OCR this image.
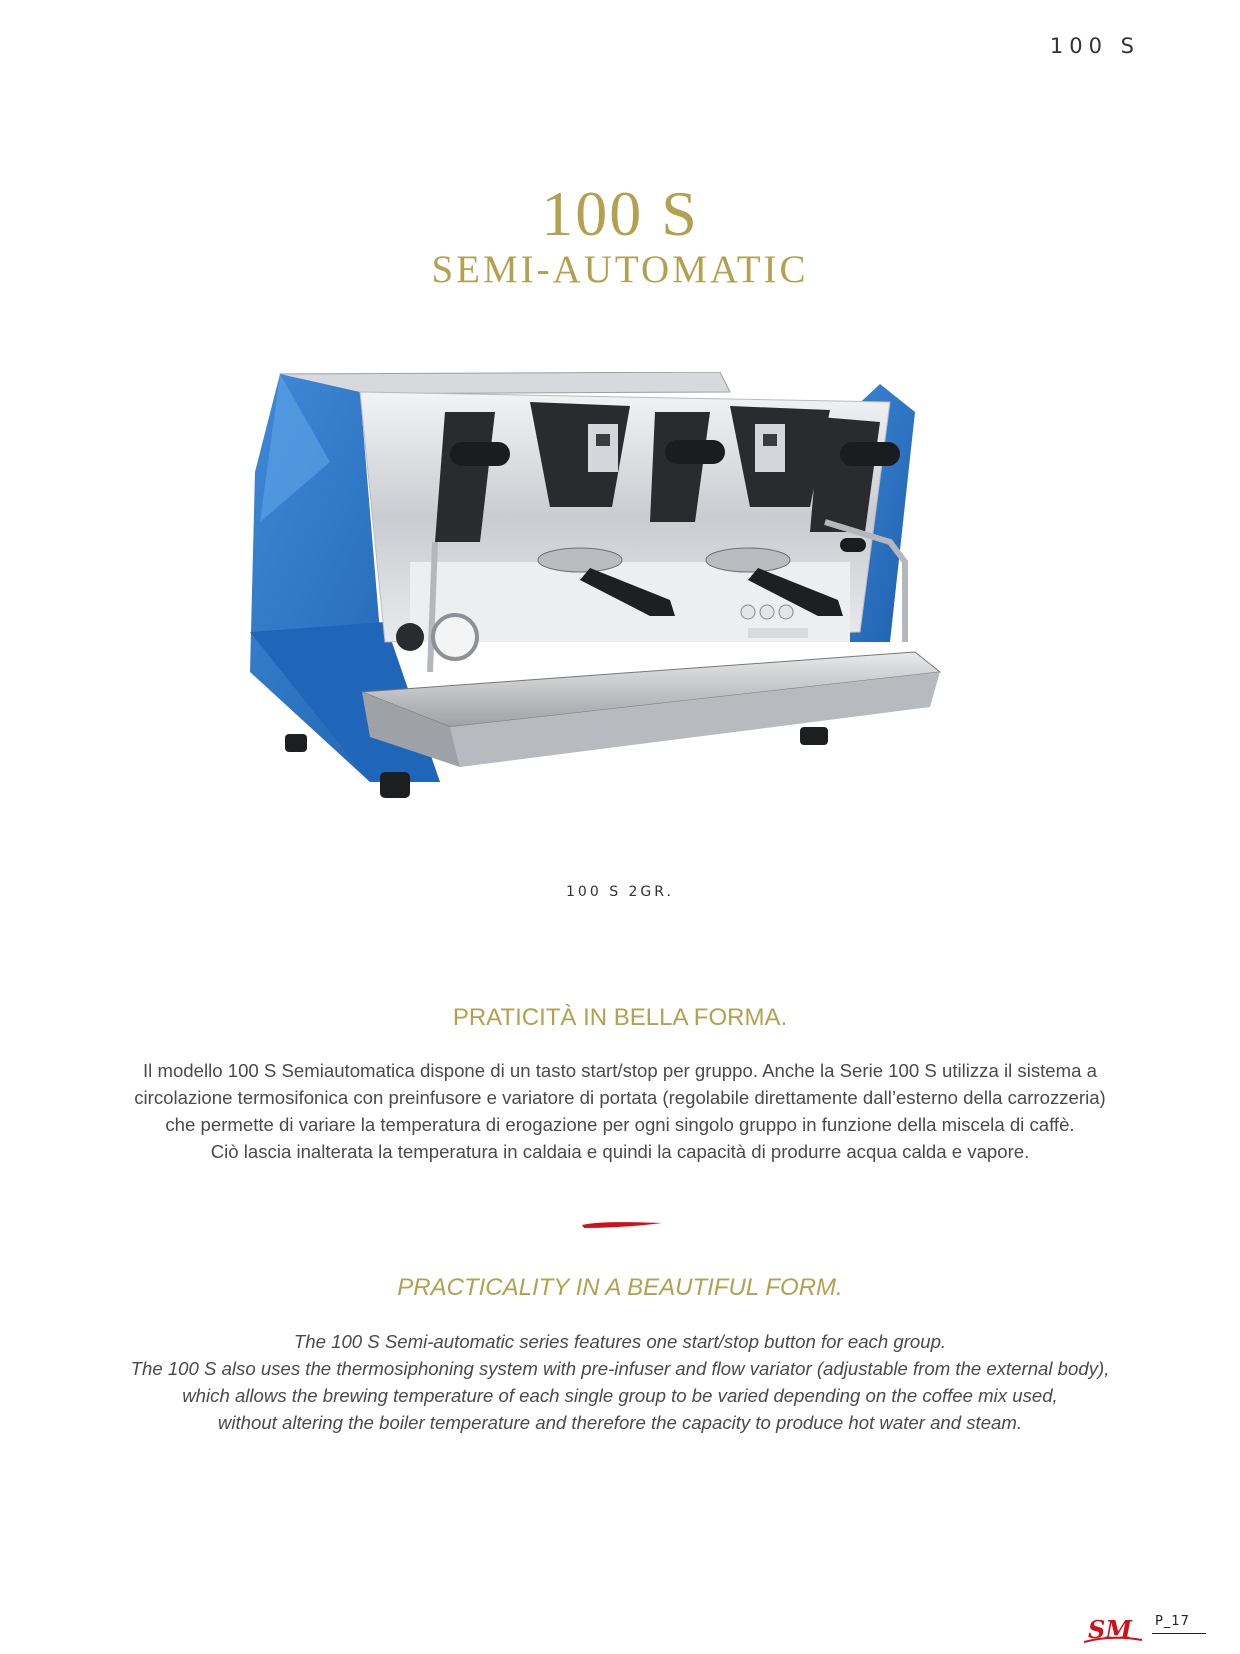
100 S
100 S
SEMI-AUTOMATIC
100 S 2GR.
PRATICITÀ IN BELLA FORMA.
Il modello 100 S Semiautomatica dispone di un tasto start/stop per gruppo. Anche la Serie 100 S utilizza il sistema a
circolazione termosifonica con preinfusore e variatore di portata (regolabile direttamente dall’esterno della carrozzeria)
che permette di variare la temperatura di erogazione per ogni singolo gruppo in funzione della miscela di caffè.
Ciò lascia inalterata la temperatura in caldaia e quindi la capacità di produrre acqua calda e vapore.
PRACTICALITY IN A BEAUTIFUL FORM.
The 100 S Semi-automatic series features one start/stop button for each group.
The 100 S also uses the thermosiphoning system with pre-infuser and flow variator (adjustable from the external body),
which allows the brewing temperature of each single group to be varied depending on the coffee mix used,
without altering the boiler temperature and therefore the capacity to produce hot water and steam.
SM P_17
